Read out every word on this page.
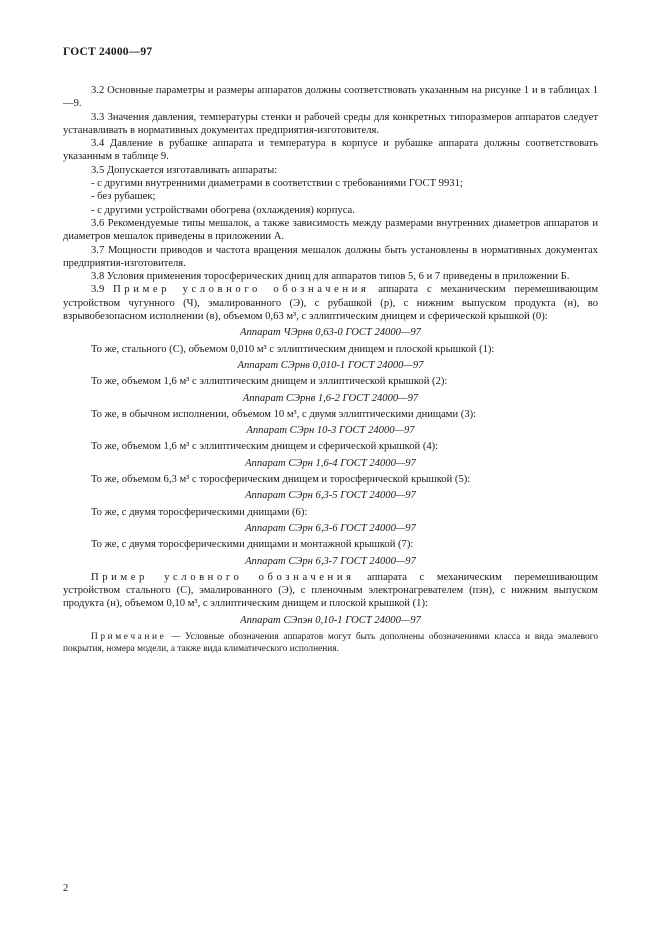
ГОСТ 24000—97

3.2 Основные параметры и размеры аппаратов должны соответствовать указанным на рисунке 1 и в таблицах 1—9.

3.3 Значения давления, температуры стенки и рабочей среды для конкретных типоразмеров аппаратов следует устанавливать в нормативных документах предприятия-изготовителя.

3.4 Давление в рубашке аппарата и температура в корпусе и рубашке аппарата должны соответствовать указанным в таблице 9.

3.5 Допускается изготавливать аппараты:

- с другими внутренними диаметрами в соответствии с требованиями ГОСТ 9931;

- без рубашек;

- с другими устройствами обогрева (охлаждения) корпуса.

3.6 Рекомендуемые типы мешалок, а также зависимость между размерами внутренних диаметров аппаратов и диаметров мешалок приведены в приложении А.

3.7 Мощности приводов и частота вращения мешалок должны быть установлены в нормативных документах предприятия-изготовителя.

3.8 Условия применения торосферических днищ для аппаратов типов 5, 6 и 7 приведены в приложении Б.

3.9 Пример условного обозначения аппарата с механическим перемешивающим устройством чугунного (Ч), эмалированного (Э), с рубашкой (р), с нижним выпуском продукта (н), во взрывобезопасном исполнении (в), объемом 0,63 м³, с эллиптическим днищем и сферической крышкой (0):

Аппарат ЧЭрнв 0,63-0 ГОСТ 24000—97

То же, стального (С), объемом 0,010 м³ с эллиптическим днищем и плоской крышкой (1):

Аппарат СЭрнв 0,010-1 ГОСТ 24000—97

То же, объемом 1,6 м³ с эллиптическим днищем и эллиптической крышкой (2):

Аппарат СЭрнв 1,6-2 ГОСТ 24000—97

То же, в обычном исполнении, объемом 10 м³, с двумя эллиптическими днищами (3):

Аппарат СЭрн 10-3 ГОСТ 24000—97

То же, объемом 1,6 м³ с эллиптическим днищем и сферической крышкой (4):

Аппарат СЭрн 1,6-4 ГОСТ 24000—97

То же, объемом 6,3 м³ с торосферическим днищем и торосферической крышкой (5):

Аппарат СЭрн 6,3-5 ГОСТ 24000—97

То же, с двумя торосферическими днищами (6):

Аппарат СЭрн 6,3-6 ГОСТ 24000—97

То же, с двумя торосферическими днищами и монтажной крышкой (7):

Аппарат СЭрн 6,3-7 ГОСТ 24000—97

Пример условного обозначения аппарата с механическим перемешивающим устройством стального (С), эмалированного (Э), с пленочным электронагревателем (пэн), с нижним выпуском продукта (н), объемом 0,10 м³, с эллиптическим днищем и плоской крышкой (1):

Аппарат СЭпэн 0,10-1 ГОСТ 24000—97

Примечание — Условные обозначения аппаратов могут быть дополнены обозначениями класса и вида эмалевого покрытия, номера модели, а также вида климатического исполнения.

2
